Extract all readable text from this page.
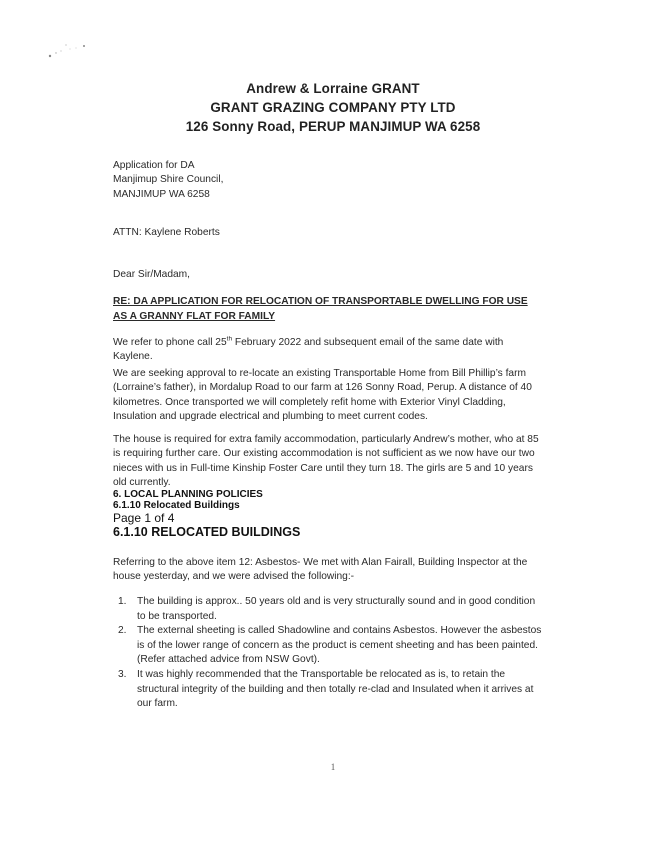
Andrew & Lorraine GRANT
GRANT GRAZING COMPANY PTY LTD
126 Sonny Road, PERUP MANJIMUP WA 6258
Application for DA
Manjimup Shire Council,
MANJIMUP WA 6258
ATTN: Kaylene Roberts
Dear Sir/Madam,
RE: DA APPLICATION FOR RELOCATION OF TRANSPORTABLE DWELLING FOR USE AS A GRANNY FLAT FOR FAMILY
We refer to phone call 25th February 2022 and subsequent email of the same date with Kaylene.
We are seeking approval to re-locate an existing Transportable Home from Bill Phillip’s farm (Lorraine’s father), in Mordalup Road to our farm at 126 Sonny Road, Perup. A distance of 40 kilometres. Once transported we will completely refit home with Exterior Vinyl Cladding, Insulation and upgrade electrical and plumbing to meet current codes.
The house is required for extra family accommodation, particularly Andrew’s mother, who at 85 is requiring further care. Our existing accommodation is not sufficient as we now have our two nieces with us in Full-time Kinship Foster Care until they turn 18. The girls are 5 and 10 years old currently.
6. LOCAL PLANNING POLICIES
6.1.10 Relocated Buildings
Page 1 of 4
6.1.10 RELOCATED BUILDINGS
Referring to the above item 12: Asbestos- We met with Alan Fairall, Building Inspector at the house yesterday, and we were advised the following:-
1. The building is approx.. 50 years old and is very structurally sound and in good condition to be transported.
2. The external sheeting is called Shadowline and contains Asbestos. However the asbestos is of the lower range of concern as the product is cement sheeting and has been painted. (Refer attached advice from NSW Govt).
3. It was highly recommended that the Transportable be relocated as is, to retain the structural integrity of the building and then totally re-clad and Insulated when it arrives at our farm.
1
